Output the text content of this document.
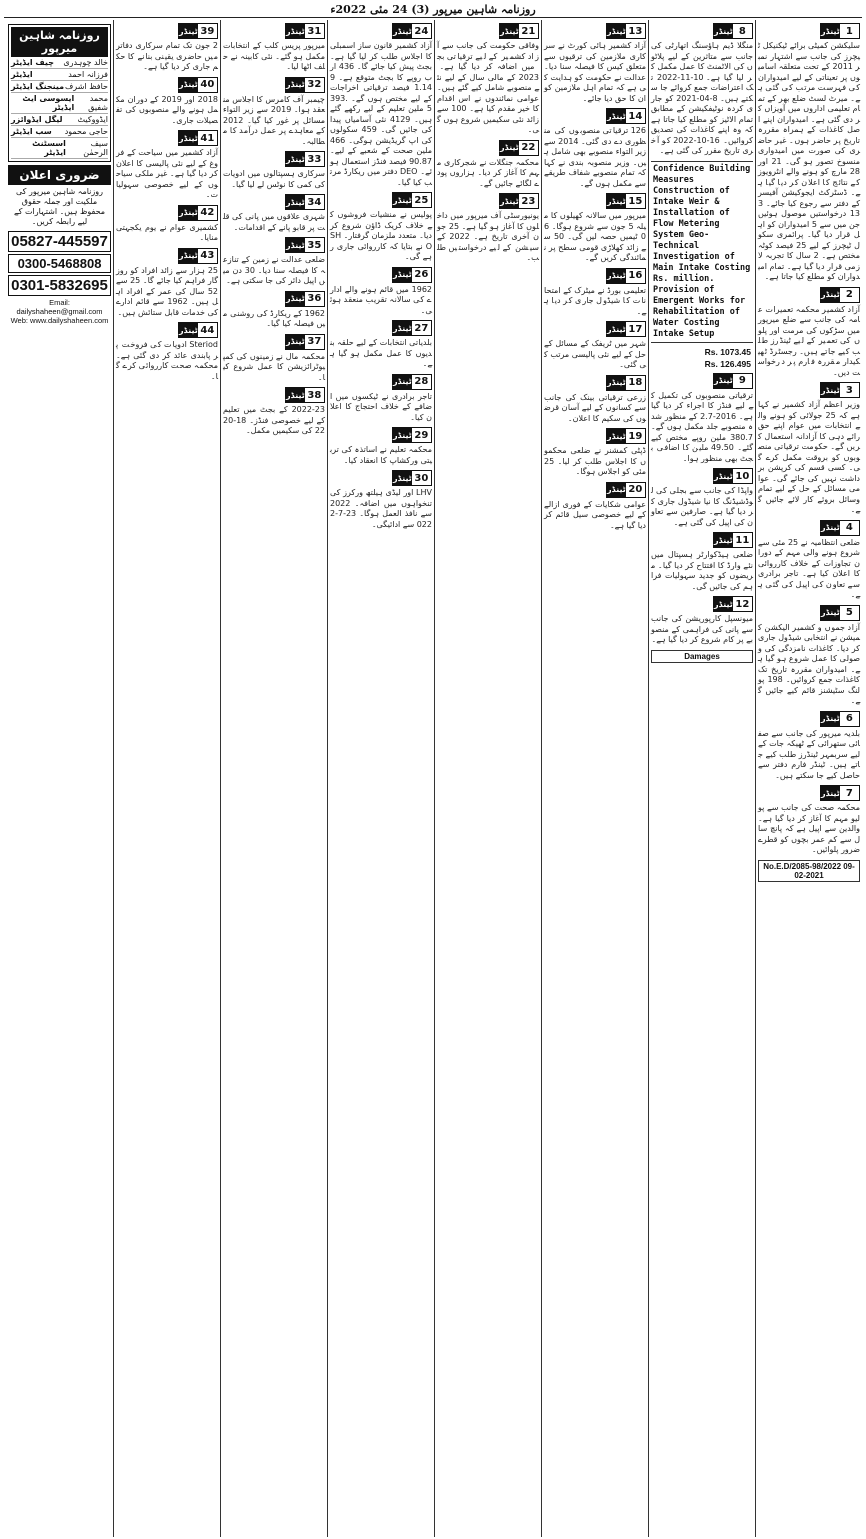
روزنامہ شاہین میرپور (3) 24 مئی 2022ء
ٹینڈر 1
سلیکشن کمیٹی برائے ٹیکنیکل ٹیچرز کی جانب سے اشتہار نمبر 2011 کے تحت متعلقہ اسامیوں پر تعیناتی کے لیے امیدواران کی فہرست مرتب کی گئی ہے۔ میرٹ لسٹ ضلع بھر کے تمام تعلیمی اداروں میں آویزاں کر دی گئی ہے۔ امیدواران اپنے اصل کاغذات کے ہمراہ مقررہ تاریخ پر حاضر ہوں۔ غیر حاضری کی صورت میں امیدواری منسوخ تصور ہو گی۔ 21 اور 28 مارچ کو ہونے والے انٹرویوز کے نتائج کا اعلان کر دیا گیا ہے۔ ڈسٹرکٹ ایجوکیشن آفیسر کے دفتر سے رجوع کیا جائے۔ 313 درخواستیں موصول ہوئیں جن میں سے 5 امیدواران کو اہل قرار دیا گیا۔ پرائمری سکول ٹیچرز کے لیے 25 فیصد کوٹہ مختص ہے۔ 2 سال کا تجربہ لازمی قرار دیا گیا ہے۔ تمام امیدواران کو مطلع کیا جاتا ہے۔
ٹینڈر 2
آزاد کشمیر محکمہ تعمیرات عامہ کی جانب سے ضلع میرپور میں سڑکوں کی مرمت اور پلوں کی تعمیر کے لیے ٹینڈرز طلب کیے جاتے ہیں۔ رجسٹرڈ ٹھیکیدار مقررہ فارم پر درخواست دیں۔
ٹینڈر 3
وزیر اعظم آزاد کشمیر نے کہا ہے کہ 25 جولائی کو ہونے والے انتخابات میں عوام اپنے حق رائے دہی کا آزادانہ استعمال کریں گے۔ حکومت ترقیاتی منصوبوں کو بروقت مکمل کرے گی۔ کسی قسم کی کرپشن برداشت نہیں کی جائے گی۔ عوامی مسائل کے حل کے لیے تمام وسائل بروئے کار لائے جائیں گے۔
ٹینڈر 4
ضلعی انتظامیہ نے 25 مئی سے شروع ہونے والی مہم کے دوران تجاوزات کے خلاف کارروائی کا اعلان کیا ہے۔ تاجر برادری سے تعاون کی اپیل کی گئی ہے۔
ٹینڈر 5
آزاد جموں و کشمیر الیکشن کمیشن نے انتخابی شیڈول جاری کر دیا۔ کاغذات نامزدگی کی وصولی کا عمل شروع ہو گیا ہے۔ امیدواران مقررہ تاریخ تک کاغذات جمع کروائیں۔ 198 پولنگ سٹیشنز قائم کیے جائیں گے۔
ٹینڈر 6
بلدیہ میرپور کی جانب سے صفائی ستھرائی کے ٹھیکہ جات کے لیے سربمہر ٹینڈرز طلب کیے جاتے ہیں۔ ٹینڈر فارم دفتر سے حاصل کیے جا سکتے ہیں۔
ٹینڈر 7
محکمہ صحت کی جانب سے پولیو مہم کا آغاز کر دیا گیا ہے۔ والدین سے اپیل ہے کہ پانچ سال سے کم عمر بچوں کو قطرے ضرور پلوائیں۔
No.E.D/2085-98/2022 09-02-2021
ٹینڈر 8
منگلا ڈیم ہاؤسنگ اتھارٹی کی جانب سے متاثرین کے لیے پلاٹوں کی الاٹمنٹ کا عمل مکمل کر لیا گیا ہے۔ 10-11-2022 تک اعتراضات جمع کروائے جا سکتے ہیں۔ 8-04-2021 کو جاری کردہ نوٹیفکیشن کے مطابق تمام الاٹیز کو مطلع کیا جاتا ہے کہ وہ اپنے کاغذات کی تصدیق کروائیں۔ 16-10-2022 کو آخری تاریخ مقرر کی گئی ہے۔
Confidence Building Measures Construction of Intake Weir & Installation of Flow Metering System Geo-Technical Investigation of Main Intake Costing Rs. million. Provision of Emergent Works for Rehabilitation of Water Costing Intake Setup
Rs. 1073.45
Rs. 126.495
ٹینڈر 9
ترقیاتی منصوبوں کی تکمیل کے لیے فنڈز کا اجراء کر دیا گیا ہے۔ 2016-2.7 کے منظور شدہ منصوبے جلد مکمل ہوں گے۔ 380.7 ملین روپے مختص کیے گئے۔ 49.50 ملین کا اضافی بجٹ بھی منظور ہوا۔
ٹینڈر 10
واپڈا کی جانب سے بجلی کی لوڈشیڈنگ کا نیا شیڈول جاری کر دیا گیا ہے۔ صارفین سے تعاون کی اپیل کی گئی ہے۔
ٹینڈر 11
ضلعی ہیڈکوارٹر ہسپتال میں نئے وارڈ کا افتتاح کر دیا گیا۔ مریضوں کو جدید سہولیات فراہم کی جائیں گی۔
ٹینڈر 12
میونسپل کارپوریشن کی جانب سے پانی کی فراہمی کے منصوبے پر کام شروع کر دیا گیا ہے۔
Damages
ٹینڈر 13
آزاد کشمیر ہائی کورٹ نے سرکاری ملازمین کی ترقیوں سے متعلق کیس کا فیصلہ سنا دیا۔ عدالت نے حکومت کو ہدایت کی ہے کہ تمام اہل ملازمین کو ان کا حق دیا جائے۔
ٹینڈر 14
126 ترقیاتی منصوبوں کی منظوری دے دی گئی۔ 2014 سے زیر التواء منصوبے بھی شامل ہیں۔ وزیر منصوبہ بندی نے کہا کہ تمام منصوبے شفاف طریقے سے مکمل ہوں گے۔
ٹینڈر 15
میرپور میں سالانہ کھیلوں کا میلہ 5 جون سے شروع ہوگا۔ 60 ٹیمیں حصہ لیں گی۔ 50 سے زائد کھلاڑی قومی سطح پر نمائندگی کریں گے۔
ٹینڈر 16
تعلیمی بورڈ نے میٹرک کے امتحانات کا شیڈول جاری کر دیا ہے۔
ٹینڈر 17
شہر میں ٹریفک کے مسائل کے حل کے لیے نئی پالیسی مرتب کی گئی۔
ٹینڈر 18
زرعی ترقیاتی بینک کی جانب سے کسانوں کے لیے آسان قرضوں کی سکیم کا اعلان۔
ٹینڈر 19
ڈپٹی کمشنر نے ضلعی محکموں کا اجلاس طلب کر لیا۔ 25 مئی کو اجلاس ہوگا۔
ٹینڈر 20
عوامی شکایات کے فوری ازالے کے لیے خصوصی سیل قائم کر دیا گیا ہے۔
ٹینڈر 21
وفاقی حکومت کی جانب سے آزاد کشمیر کے لیے ترقیاتی بجٹ میں اضافہ کر دیا گیا ہے۔ 2023 کے مالی سال کے لیے نئے منصوبے شامل کیے گئے ہیں۔ عوامی نمائندوں نے اس اقدام کا خیر مقدم کیا ہے۔ 100 سے زائد نئی سکیمیں شروع ہوں گی۔
ٹینڈر 22
محکمہ جنگلات نے شجرکاری مہم کا آغاز کر دیا۔ ہزاروں پودے لگائے جائیں گے۔
ٹینڈر 23
یونیورسٹی آف میرپور میں داخلوں کا آغاز ہو گیا ہے۔ 25 جون آخری تاریخ ہے۔ 2022 کے سیشن کے لیے درخواستیں طلب۔
ٹینڈر 24
آزاد کشمیر قانون ساز اسمبلی کا اجلاس طلب کر لیا گیا ہے۔ بجٹ پیش کیا جائے گا۔ 436 ارب روپے کا بجٹ متوقع ہے۔ 91.14 فیصد ترقیاتی اخراجات کے لیے مختص ہوں گے۔ 393.5 ملین تعلیم کے لیے رکھے گئے ہیں۔ 4129 نئی آسامیاں پیدا کی جائیں گی۔ 459 سکولوں کی اپ گریڈیشن ہوگی۔ 466 ملین صحت کے شعبے کے لیے۔ 90.87 فیصد فنڈز استعمال ہوئے۔ DEO دفتر میں ریکارڈ مرتب کیا گیا۔
ٹینڈر 25
پولیس نے منشیات فروشوں کے خلاف کریک ڈاؤن شروع کر دیا۔ متعدد ملزمان گرفتار۔ SHO نے بتایا کہ کارروائی جاری رہے گی۔
ٹینڈر 26
1962 میں قائم ہونے والے ادارے کی سالانہ تقریب منعقد ہوئی۔
ٹینڈر 27
بلدیاتی انتخابات کے لیے حلقہ بندیوں کا عمل مکمل ہو گیا ہے۔
ٹینڈر 28
تاجر برادری نے ٹیکسوں میں اضافے کے خلاف احتجاج کا اعلان کیا۔
ٹینڈر 29
محکمہ تعلیم نے اساتذہ کی تربیتی ورکشاپ کا انعقاد کیا۔
ٹینڈر 30
LHV اور لیڈی ہیلتھ ورکرز کی تنخواہوں میں اضافہ۔ 2022 سے نافذ العمل ہوگا۔ 23-7-2022 سے ادائیگی۔
ٹینڈر 31
میرپور پریس کلب کے انتخابات مکمل ہو گئے۔ نئی کابینہ نے حلف اٹھا لیا۔
ٹینڈر 32
چیمبر آف کامرس کا اجلاس منعقد ہوا۔ 2019 سے زیر التواء مسائل پر غور کیا گیا۔ 2012 کے معاہدے پر عمل درآمد کا مطالبہ۔
ٹینڈر 33
سرکاری ہسپتالوں میں ادویات کی کمی کا نوٹس لے لیا گیا۔
ٹینڈر 34
شہری علاقوں میں پانی کی قلت پر قابو پانے کے اقدامات۔
ٹینڈر 35
ضلعی عدالت نے زمین کے تنازعہ کا فیصلہ سنا دیا۔ 30 دن میں اپیل دائر کی جا سکتی ہے۔
ٹینڈر 36
1962 کے ریکارڈ کی روشنی میں فیصلہ کیا گیا۔
ٹینڈر 37
محکمہ مال نے زمینوں کی کمپیوٹرائزیشن کا عمل شروع کیا۔
ٹینڈر 38
2022-23 کے بجٹ میں تعلیم کے لیے خصوصی فنڈز۔ 18-2022 کی سکیمیں مکمل۔
ٹینڈر 39
2 جون تک تمام سرکاری دفاتر میں حاضری یقینی بنانے کا حکم جاری کر دیا گیا ہے۔
ٹینڈر 40
2018 اور 2019 کے دوران مکمل ہونے والے منصوبوں کی تفصیلات جاری۔
ٹینڈر 41
آزاد کشمیر میں سیاحت کے فروغ کے لیے نئی پالیسی کا اعلان کر دیا گیا ہے۔ غیر ملکی سیاحوں کے لیے خصوصی سہولیات۔
ٹینڈر 42
کشمیری عوام نے یوم یکجہتی منایا۔
ٹینڈر 43
25 ہزار سے زائد افراد کو روزگار فراہم کیا جائے گا۔ 25 سے 52 سال کی عمر کے افراد اہل ہیں۔ 1962 سے قائم ادارے کی خدمات قابل ستائش ہیں۔
ٹینڈر 44
Steriod ادویات کی فروخت پر پابندی عائد کر دی گئی ہے۔ محکمہ صحت کارروائی کرے گا۔
روزنامہ شاہین میرپور
چیف ایڈیٹر خالد چوہدری
ایڈیٹر	فرزانہ احمد
مینجنگ ایڈیٹر حافظ اشرف
ایسوسی ایٹ ایڈیٹر
محمد شفیق
لیگل ایڈوائزر ایڈووکیٹ
سب ایڈیٹر حاجی محمود
اسسٹنٹ ایڈیٹر
سیف الرحمٰن
ضروری اعلان
روزنامہ شاہین میرپور کی ملکیت اور جملہ حقوق محفوظ ہیں۔ اشتہارات کے لیے رابطہ کریں۔
05827-445597
0300-5468808
0301-5832695
Email: dailyshaheen@gmail.com Web: www.dailyshaheen.com
